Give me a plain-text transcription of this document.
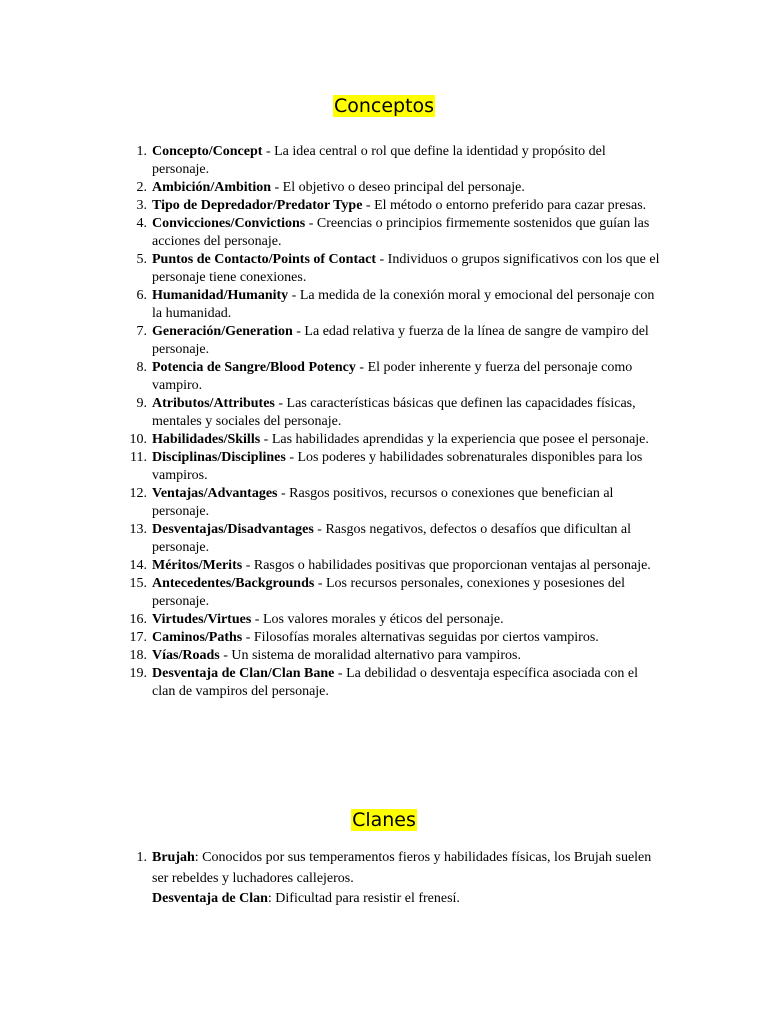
Conceptos
1. Concepto/Concept - La idea central o rol que define la identidad y propósito del personaje.
2. Ambición/Ambition - El objetivo o deseo principal del personaje.
3. Tipo de Depredador/Predator Type - El método o entorno preferido para cazar presas.
4. Convicciones/Convictions - Creencias o principios firmemente sostenidos que guían las acciones del personaje.
5. Puntos de Contacto/Points of Contact - Individuos o grupos significativos con los que el personaje tiene conexiones.
6. Humanidad/Humanity - La medida de la conexión moral y emocional del personaje con la humanidad.
7. Generación/Generation - La edad relativa y fuerza de la línea de sangre de vampiro del personaje.
8. Potencia de Sangre/Blood Potency - El poder inherente y fuerza del personaje como vampiro.
9. Atributos/Attributes - Las características básicas que definen las capacidades físicas, mentales y sociales del personaje.
10. Habilidades/Skills - Las habilidades aprendidas y la experiencia que posee el personaje.
11. Disciplinas/Disciplines - Los poderes y habilidades sobrenaturales disponibles para los vampiros.
12. Ventajas/Advantages - Rasgos positivos, recursos o conexiones que benefician al personaje.
13. Desventajas/Disadvantages - Rasgos negativos, defectos o desafíos que dificultan al personaje.
14. Méritos/Merits - Rasgos o habilidades positivas que proporcionan ventajas al personaje.
15. Antecedentes/Backgrounds - Los recursos personales, conexiones y posesiones del personaje.
16. Virtudes/Virtues - Los valores morales y éticos del personaje.
17. Caminos/Paths - Filosofías morales alternativas seguidas por ciertos vampiros.
18. Vías/Roads - Un sistema de moralidad alternativo para vampiros.
19. Desventaja de Clan/Clan Bane - La debilidad o desventaja específica asociada con el clan de vampiros del personaje.
Clanes
1. Brujah: Conocidos por sus temperamentos fieros y habilidades físicas, los Brujah suelen ser rebeldes y luchadores callejeros.
Desventaja de Clan: Dificultad para resistir el frenesí.
